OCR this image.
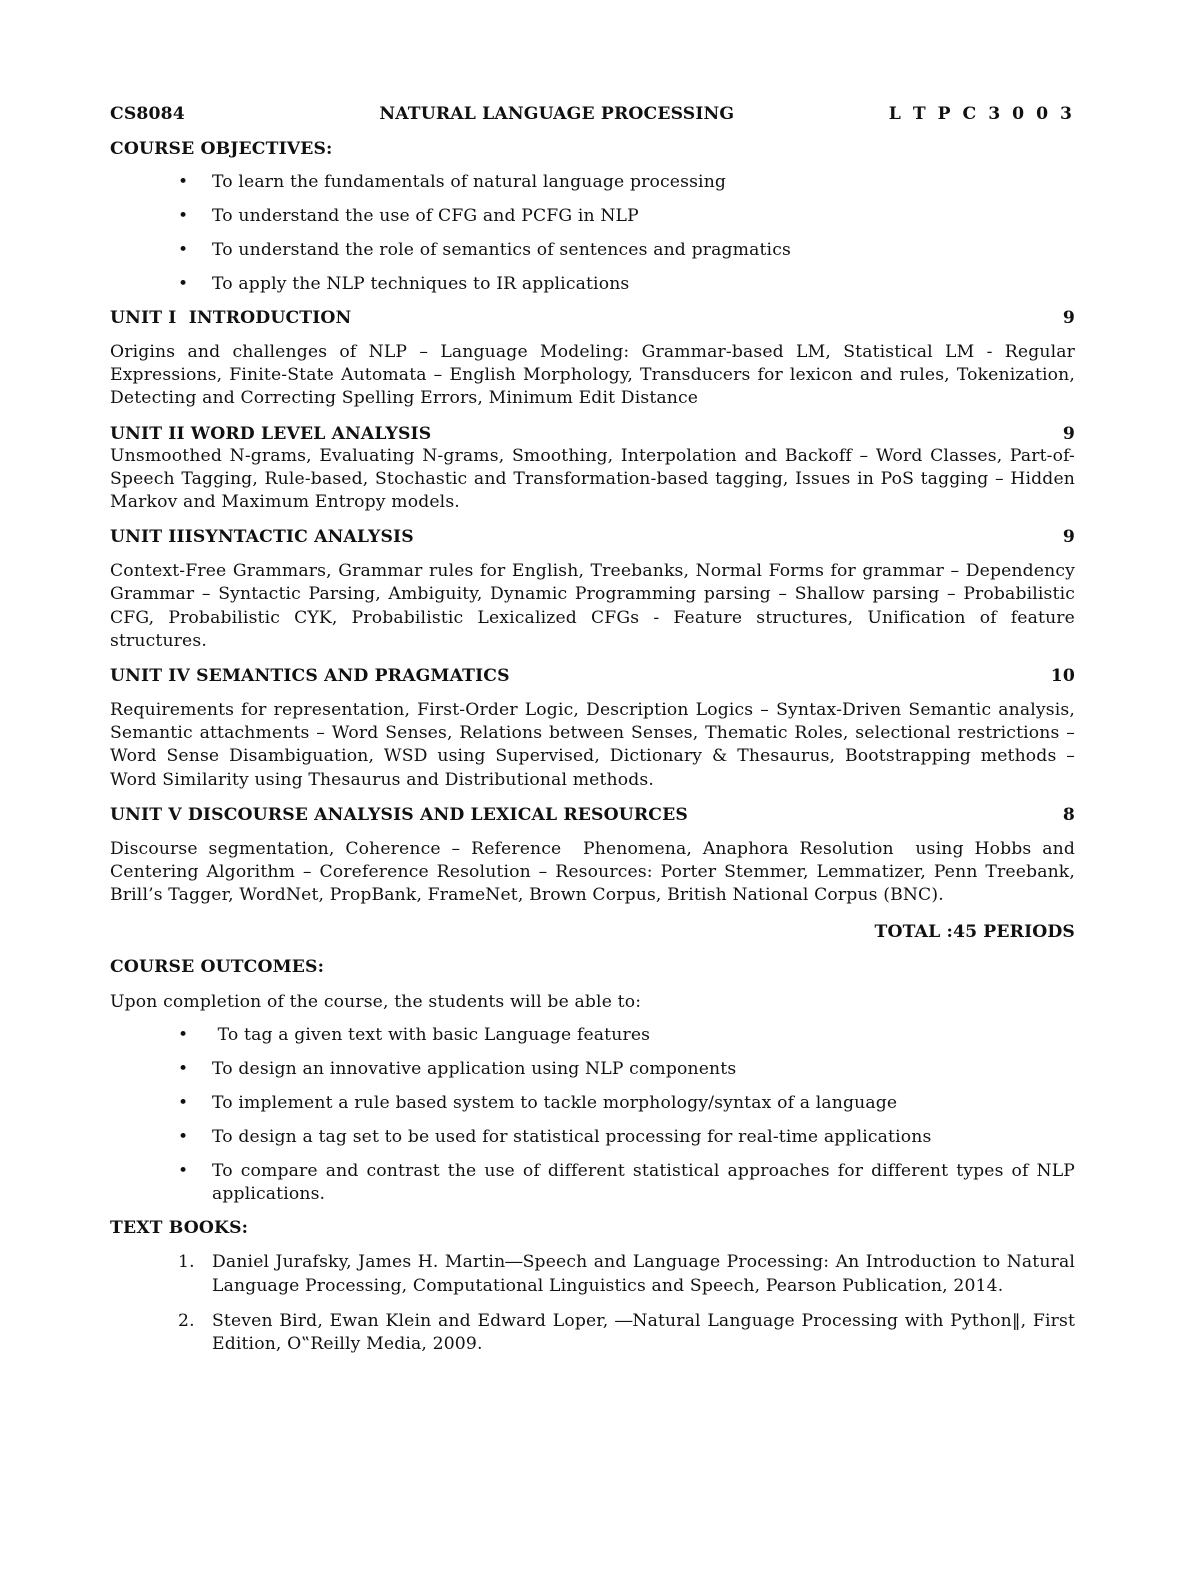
CS8084	NATURAL LANGUAGE PROCESSING	L T P C 3 0 0 3
COURSE OBJECTIVES:
• To learn the fundamentals of natural language processing
• To understand the use of CFG and PCFG in NLP
• To understand the role of semantics of sentences and pragmatics
• To apply the NLP techniques to IR applications
UNIT I  INTRODUCTION	9

Origins and challenges of NLP – Language Modeling: Grammar-based LM, Statistical LM - Regular Expressions, Finite-State Automata – English Morphology, Transducers for lexicon and rules, Tokenization, Detecting and Correcting Spelling Errors, Minimum Edit Distance

UNIT II WORD LEVEL ANALYSIS	9

Unsmoothed N-grams, Evaluating N-grams, Smoothing, Interpolation and Backoff – Word Classes, Part-of-Speech Tagging, Rule-based, Stochastic and Transformation-based tagging, Issues in PoS tagging – Hidden Markov and Maximum Entropy models.

UNIT IIISYNTACTIC ANALYSIS	9

Context-Free Grammars, Grammar rules for English, Treebanks, Normal Forms for grammar – Dependency Grammar – Syntactic Parsing, Ambiguity, Dynamic Programming parsing – Shallow parsing – Probabilistic CFG, Probabilistic CYK, Probabilistic Lexicalized CFGs - Feature structures, Unification of feature structures.

UNIT IV SEMANTICS AND PRAGMATICS	10

Requirements for representation, First-Order Logic, Description Logics – Syntax-Driven Semantic analysis, Semantic attachments – Word Senses, Relations between Senses, Thematic Roles, selectional restrictions – Word Sense Disambiguation, WSD using Supervised, Dictionary & Thesaurus, Bootstrapping methods – Word Similarity using Thesaurus and Distributional methods.

UNIT V DISCOURSE ANALYSIS AND LEXICAL RESOURCES	8

Discourse segmentation, Coherence – Reference  Phenomena, Anaphora Resolution  using Hobbs and Centering Algorithm – Coreference Resolution – Resources: Porter Stemmer, Lemmatizer, Penn Treebank, Brill’s Tagger, WordNet, PropBank, FrameNet, Brown Corpus, British National Corpus (BNC).

TOTAL :45 PERIODS
COURSE OUTCOMES:
Upon completion of the course, the students will be able to:
•  To tag a given text with basic Language features
• To design an innovative application using NLP components
• To implement a rule based system to tackle morphology/syntax of a language
• To design a tag set to be used for statistical processing for real-time applications
• To compare and contrast the use of different statistical approaches for different types of NLP applications.
TEXT BOOKS:
1. Daniel Jurafsky, James H. Martin―Speech and Language Processing: An Introduction to Natural Language Processing, Computational Linguistics and Speech, Pearson Publication, 2014.
2. Steven Bird, Ewan Klein and Edward Loper, ―Natural Language Processing with Python‖, First Edition, O‟Reilly Media, 2009.
